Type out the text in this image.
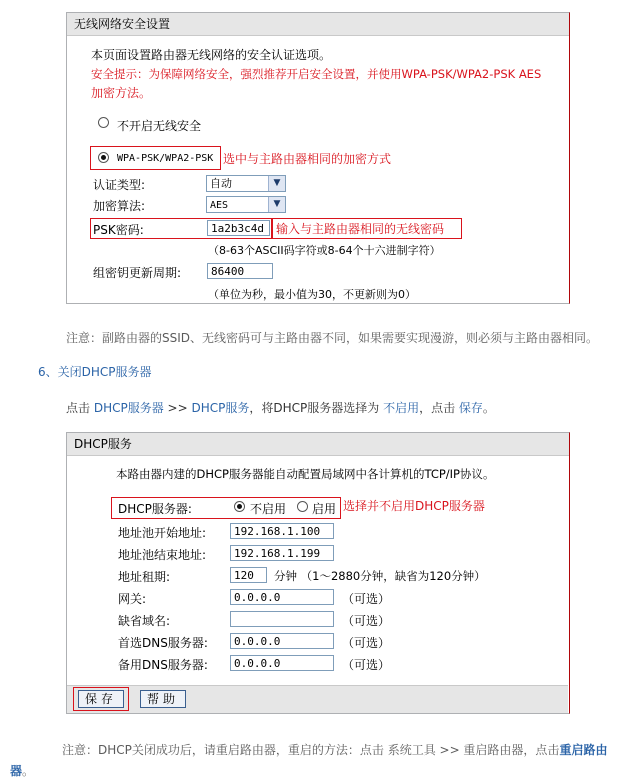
无线网络安全设置
本页面设置路由器无线网络的安全认证选项。
安全提示：为保障网络安全，强烈推荐开启安全设置，并使用WPA-PSK/WPA2-PSK AES
加密方法。
不开启无线安全
WPA-PSK/WPA2-PSK 选中与主路由器相同的加密方式
认证类型:	自动	▼
加密算法:	AES	▼
PSK密码:	1a2b3c4d	输入与主路由器相同的无线密码
（8-63个ASCII码字符或8-64个十六进制字符）
组密钥更新周期:	86400
（单位为秒，最小值为30，不更新则为0）
注意：副路由器的SSID、无线密码可与主路由器不同，如果需要实现漫游，则必须与主路由器相同。
6、关闭DHCP服务器
点击 DHCP服务器 >> DHCP服务，将DHCP服务器选择为 不启用，点击 保存。
DHCP服务
本路由器内建的DHCP服务器能自动配置局域网中各计算机的TCP/IP协议。
DHCP服务器:	不启用 启用 选择并不启用DHCP服务器
地址池开始地址:	192.168.1.100
地址池结束地址:	192.168.1.199
地址租期:	120	分钟 （1～2880分钟，缺省为120分钟）
网关:	0.0.0.0	（可选）
缺省域名:	（可选）
首选DNS服务器:	0.0.0.0	（可选）
备用DNS服务器:	0.0.0.0	（可选）
保存	帮助
注意：DHCP关闭成功后，请重启路由器，重启的方法：点击 系统工具 >> 重启路由器，点击重启路由
器。
